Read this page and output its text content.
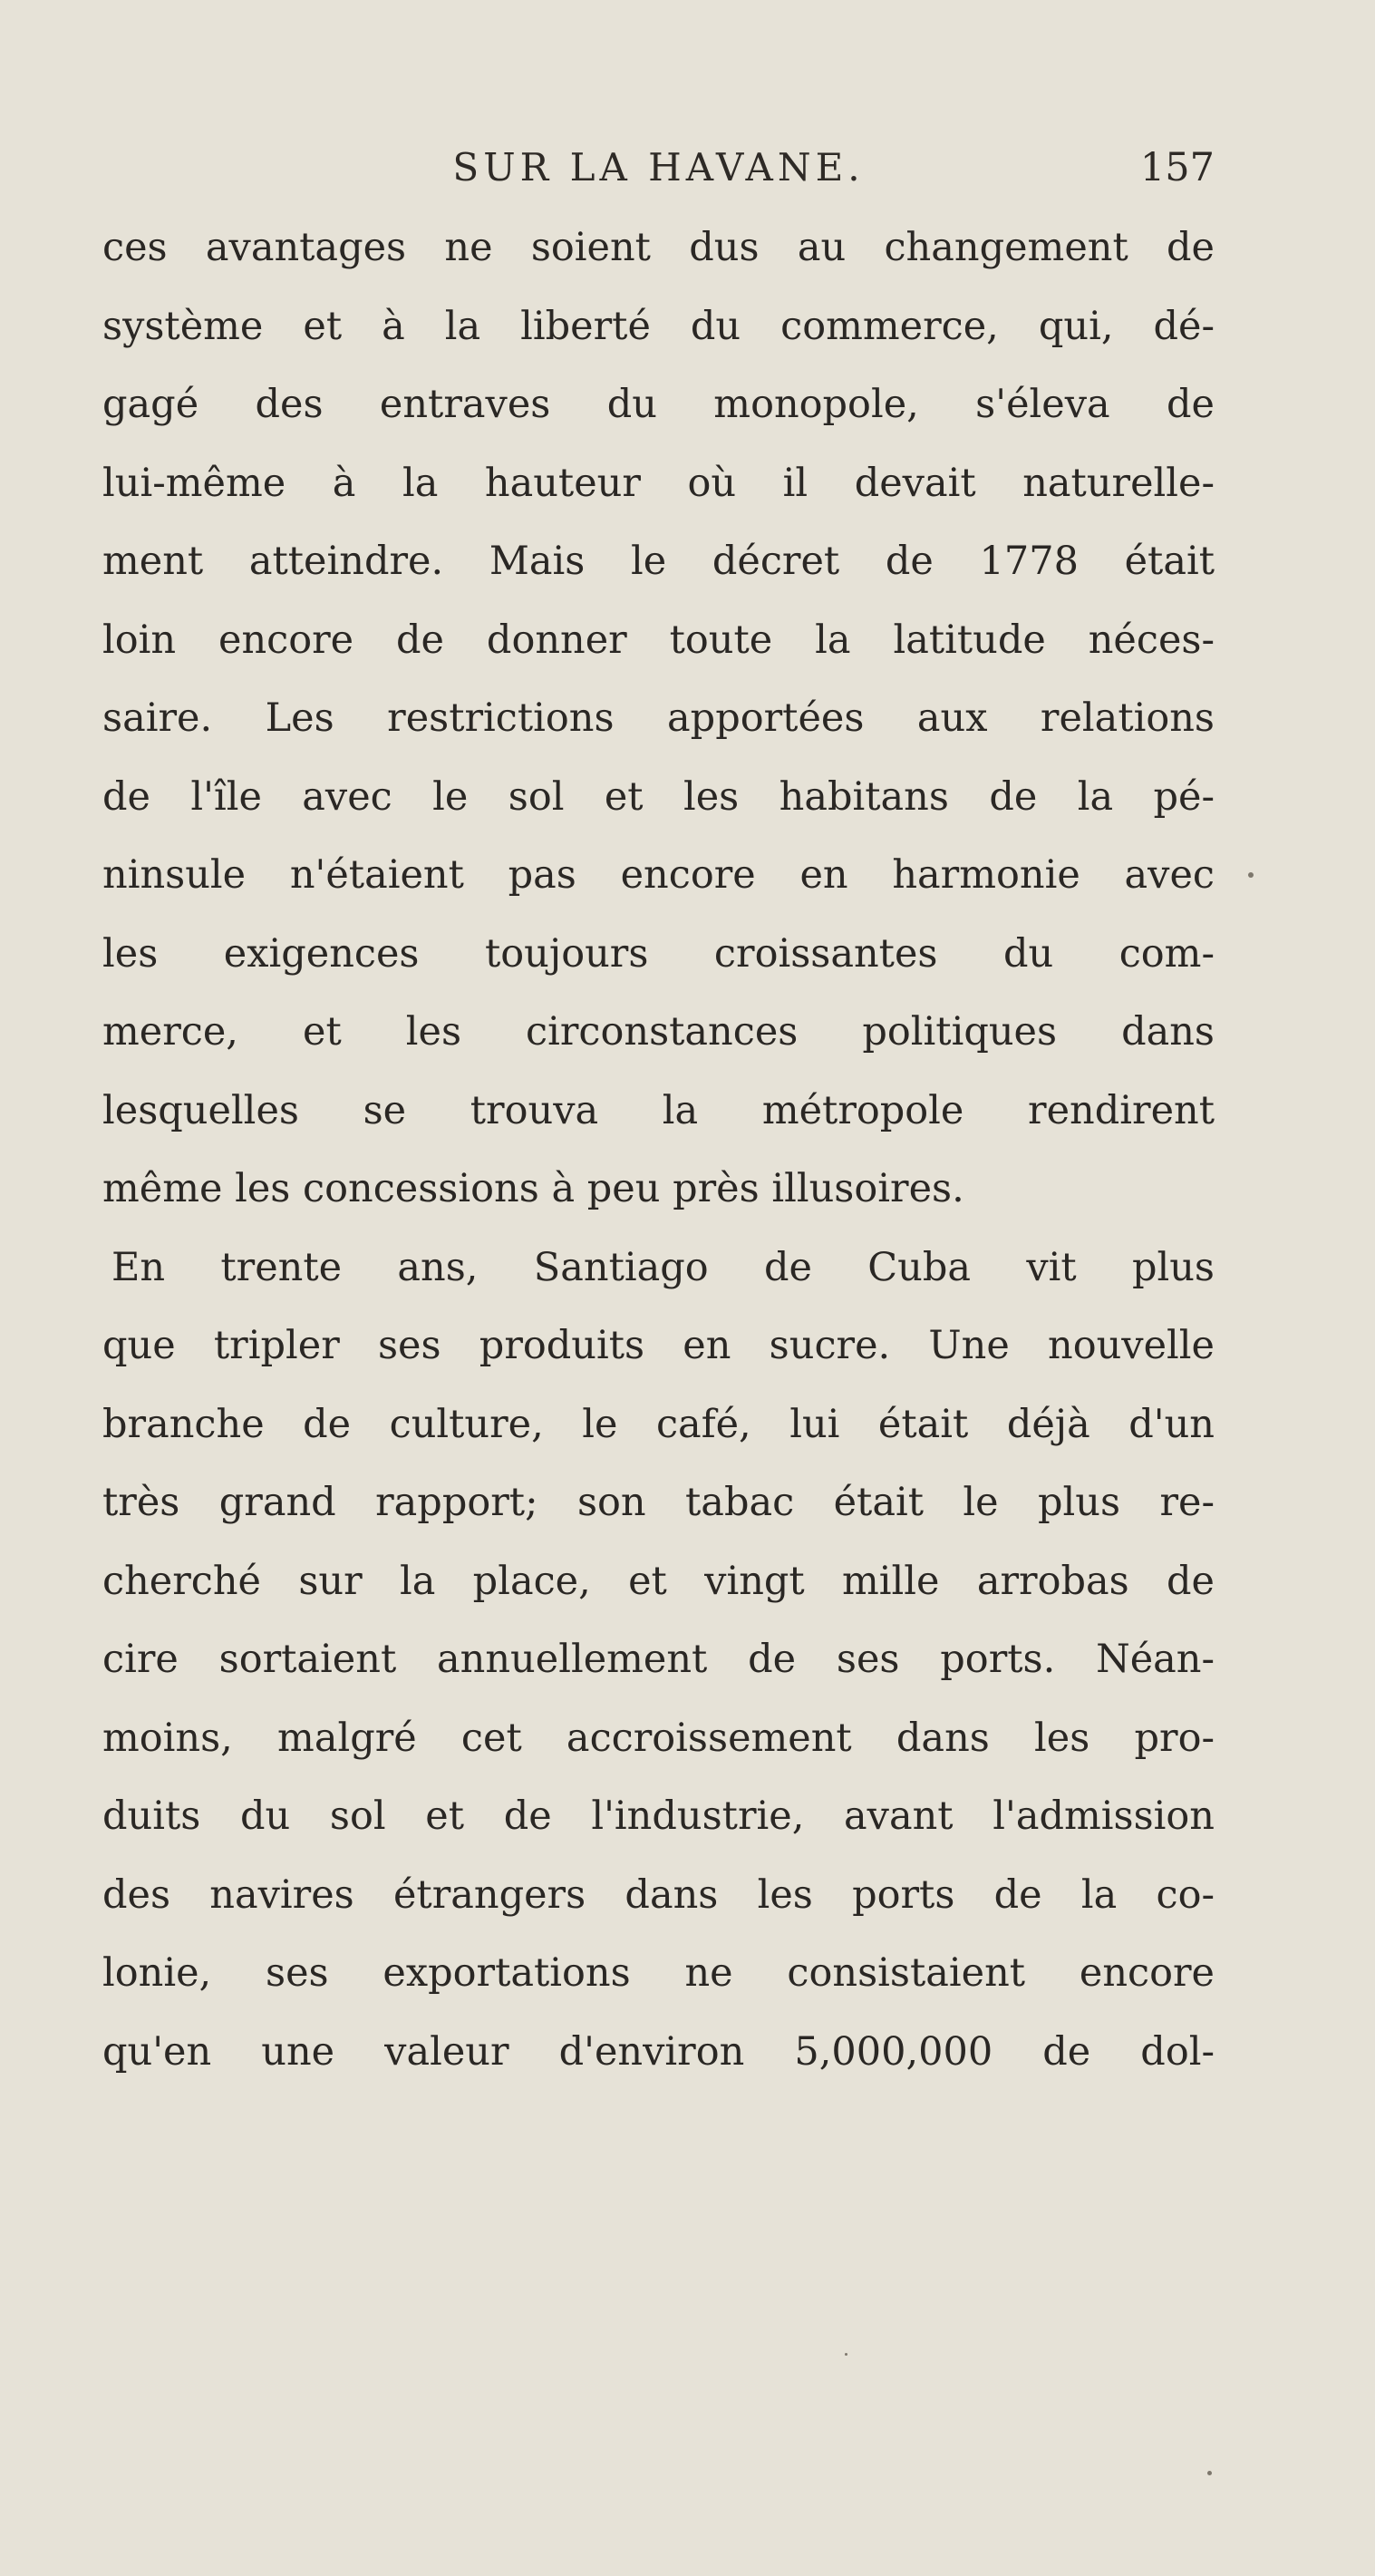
SUR LA HAVANE.	157
ces avantages ne soient dus au changement de
système et à la liberté du commerce, qui, dé-
gagé des entraves du monopole, s'éleva de
lui-même à la hauteur où il devait naturelle-
ment atteindre. Mais le décret de 1778 était
loin encore de donner toute la latitude néces-
saire. Les restrictions apportées aux relations
de l'île avec le sol et les habitans de la pé-
ninsule n'étaient pas encore en harmonie avec
les exigences toujours croissantes du com-
merce, et les circonstances politiques dans
lesquelles se trouva la métropole rendirent
même les concessions à peu près illusoires.
En trente ans, Santiago de Cuba vit plus
que tripler ses produits en sucre. Une nouvelle
branche de culture, le café, lui était déjà d'un
très grand rapport; son tabac était le plus re-
cherché sur la place, et vingt mille arrobas de
cire sortaient annuellement de ses ports. Néan-
moins, malgré cet accroissement dans les pro-
duits du sol et de l'industrie, avant l'admission
des navires étrangers dans les ports de la co-
lonie, ses exportations ne consistaient encore
qu'en une valeur d'environ 5,000,000 de dol-
